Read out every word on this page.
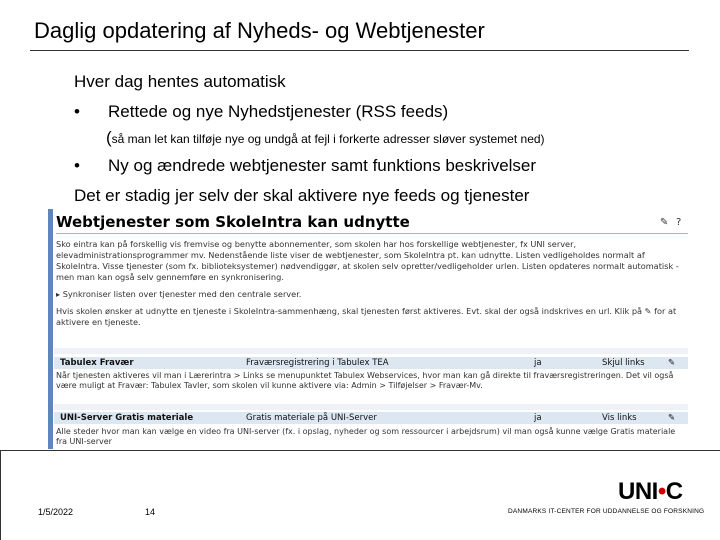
Daglig opdatering af Nyheds- og Webtjenester
Hver dag hentes automatisk
• Rettede og nye Nyhedstjenester (RSS feeds)
(så man let kan tilføje nye og undgå at fejl i forkerte adresser sløver systemet ned)
• Ny og ændrede webtjenester samt funktions beskrivelser
Det er stadig jer selv der skal aktivere nye feeds og tjenester
Webtjenester som SkoleIntra kan udnytte	✎ ?

Sko eintra kan på forskellig vis fremvise og benytte abonnementer, som skolen har hos forskellige webtjenester, fx UNI server, elevadministrationsprogrammer mv. Nedenstående liste viser de webtjenester, som SkoleIntra pt. kan udnytte. Listen vedligeholdes normalt af SkoleIntra. Visse tjenester (som fx. biblioteksystemer) nødvendiggør, at skolen selv opretter/vedligeholder urlen. Listen opdateres normalt automatisk - men man kan også selv gennemføre en synkronisering.

▸ Synkroniser listen over tjenester med den centrale server.

Hvis skolen ønsker at udnytte en tjeneste i SkoleIntra-sammenhæng, skal tjenesten først aktiveres. Evt. skal der også indskrives en url. Klik på ✎ for at aktivere en tjeneste.

Tabulex Fravær	Fraværsregistrering i Tabulex TEA	ja	Skjul links	✎
Når tjenesten aktiveres vil man i Lærerintra > Links se menupunktet Tabulex Webservices, hvor man kan gå direkte til fraværsregistreringen. Det vil også være muligt at Fravær: Tabulex Tavler, som skolen vil kunne aktivere via: Admin > Tilføjelser > Fravær-Mv.
UNI-Server Gratis materiale	Gratis materiale på UNI-Server	ja	Vis links	✎
Alle steder hvor man kan vælge en video fra UNI-server (fx. i opslag, nyheder og som ressourcer i arbejdsrum) vil man også kunne vælge Gratis materiale fra UNI-server
1/5/2022	14
UNI•C
DANMARKS IT-CENTER FOR UDDANNELSE OG FORSKNING
